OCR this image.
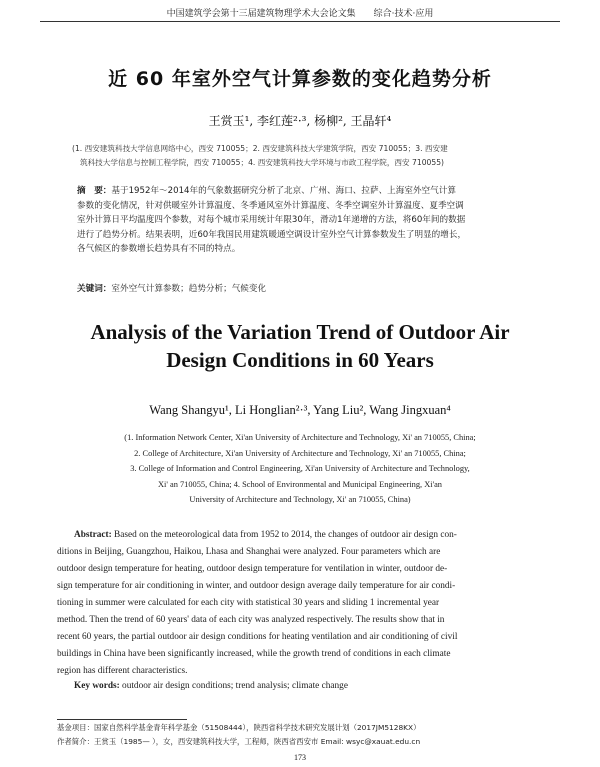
中国建筑学会第十三届建筑物理学术大会论文集　　综合·技术·应用
近 60 年室外空气计算参数的变化趋势分析
王赏玉¹, 李红莲²·³, 杨柳², 王晶轩⁴
(1. 西安建筑科技大学信息网络中心，西安 710055；2. 西安建筑科技大学建筑学院，西安 710055；3. 西安建
筑科技大学信息与控制工程学院，西安 710055；4. 西安建筑科技大学环境与市政工程学院，西安 710055)
摘　要：基于1952年～2014年的气象数据研究分析了北京、广州、海口、拉萨、上海室外空气计算
参数的变化情况，针对供暖室外计算温度、冬季通风室外计算温度、冬季空调室外计算温度、夏季空调
室外计算日平均温度四个参数，对每个城市采用统计年限30年，滑动1年递增的方法，将60年间的数据
进行了趋势分析。结果表明，近60年我国民用建筑暖通空调设计室外空气计算参数发生了明显的增长，
各气候区的参数增长趋势具有不同的特点。
关键词：室外空气计算参数；趋势分析；气候变化
Analysis of the Variation Trend of Outdoor Air
Design Conditions in 60 Years
Wang Shangyu¹, Li Honglian²·³, Yang Liu², Wang Jingxuan⁴
(1. Information Network Center, Xi'an University of Architecture and Technology, Xi' an 710055, China;
2. College of Architecture, Xi'an University of Architecture and Technology, Xi' an 710055, China;
3. College of Information and Control Engineering, Xi'an University of Architecture and Technology,
Xi' an 710055, China; 4. School of Environmental and Municipal Engineering, Xi'an
University of Architecture and Technology, Xi' an 710055, China)
Abstract: Based on the meteorological data from 1952 to 2014, the changes of outdoor air design con-
ditions in Beijing, Guangzhou, Haikou, Lhasa and Shanghai were analyzed. Four parameters which are
outdoor design temperature for heating, outdoor design temperature for ventilation in winter, outdoor de-
sign temperature for air conditioning in winter, and outdoor design average daily temperature for air condi-
tioning in summer were calculated for each city with statistical 30 years and sliding 1 incremental year
method. Then the trend of 60 years' data of each city was analyzed respectively. The results show that in
recent 60 years, the partial outdoor air design conditions for heating ventilation and air conditioning of civil
buildings in China have been significantly increased, while the growth trend of conditions in each climate
region has different characteristics.
Key words: outdoor air design conditions; trend analysis; climate change
基金项目：国家自然科学基金青年科学基金（51508444），陕西省科学技术研究发展计划（2017JM5128KX）
作者简介：王赏玉（1985— ），女，西安建筑科技大学，工程师，陕西省西安市 Email: wsyc@xauat.edu.cn
173
